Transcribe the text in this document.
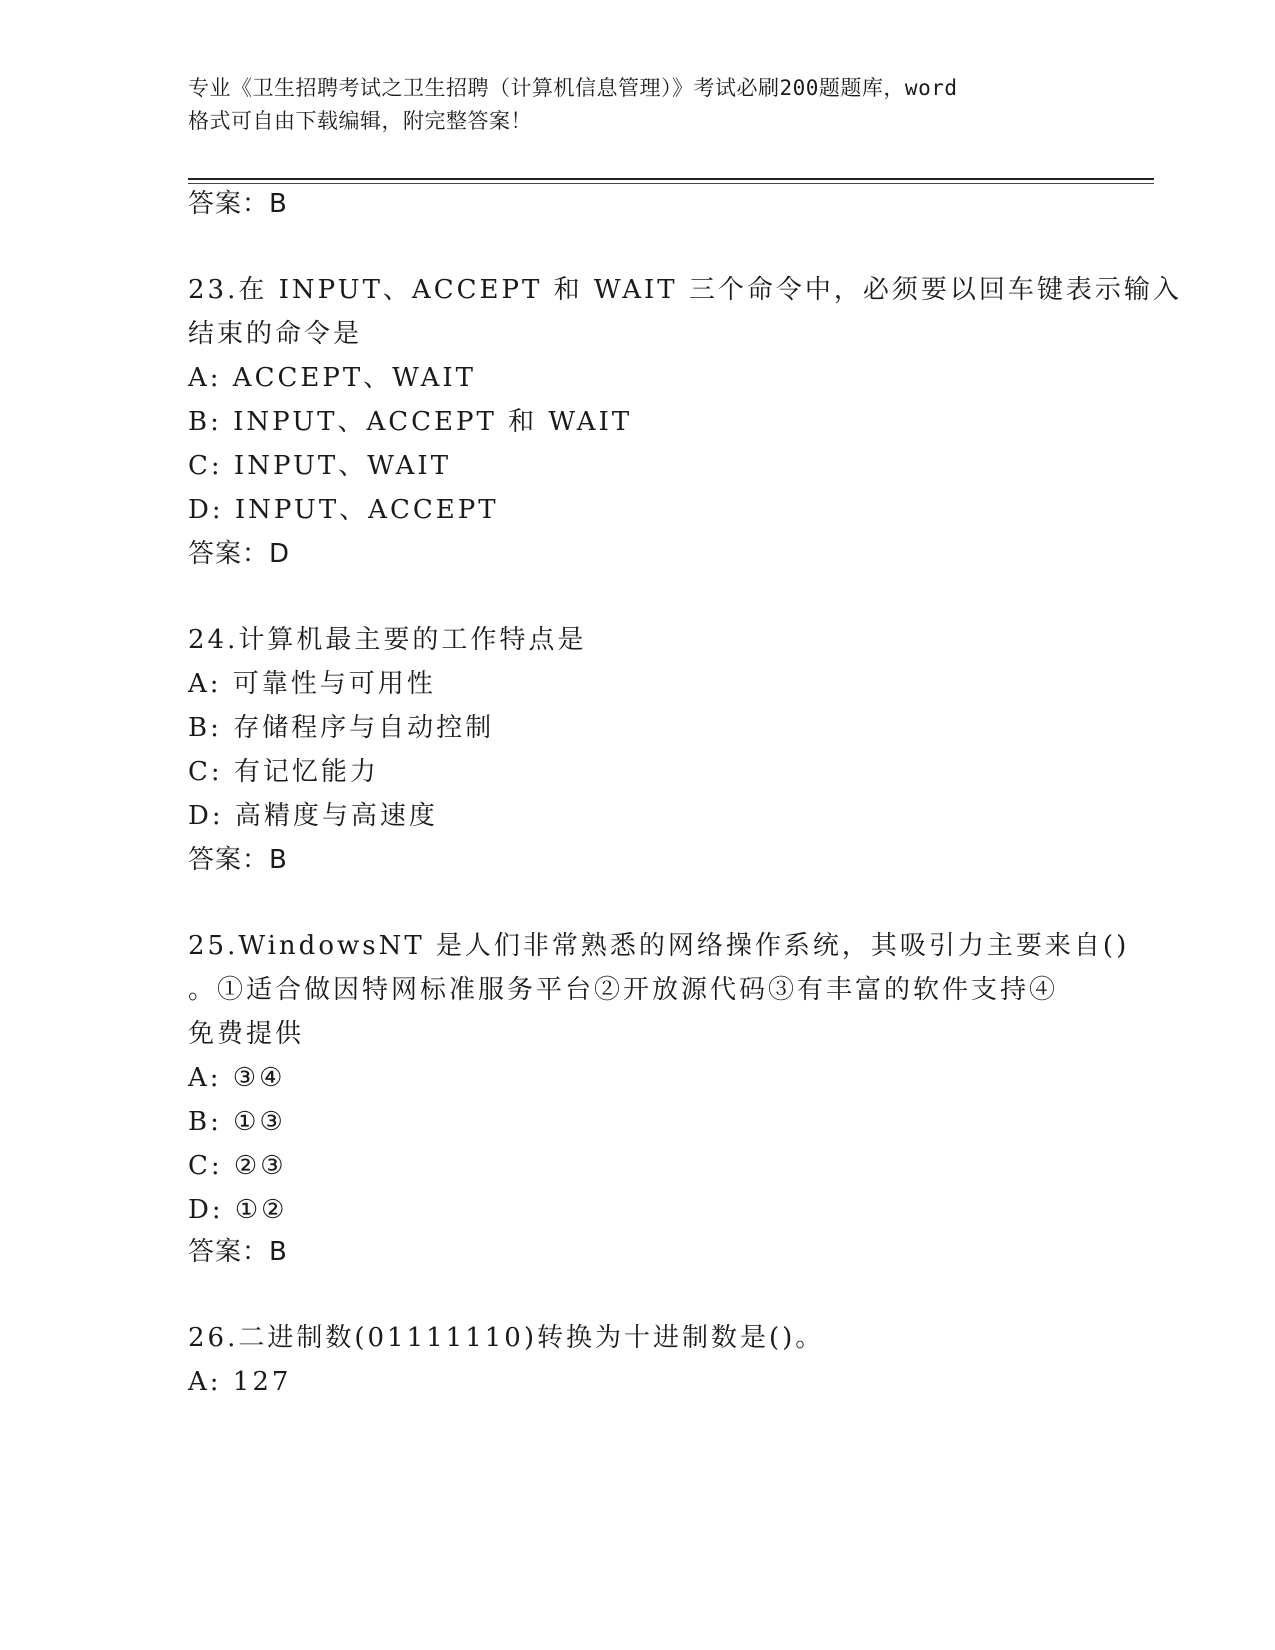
专业《卫生招聘考试之卫生招聘（计算机信息管理）》考试必刷200题题库，word
格式可自由下载编辑，附完整答案！
答案：B
23.在 INPUT、ACCEPT 和 WAIT 三个命令中，必须要以回车键表示输入
结束的命令是
A: ACCEPT、WAIT
B: INPUT、ACCEPT 和 WAIT
C: INPUT、WAIT
D: INPUT、ACCEPT
答案：D
24.计算机最主要的工作特点是
A: 可靠性与可用性
B: 存储程序与自动控制
C: 有记忆能力
D: 高精度与高速度
答案：B
25.WindowsNT 是人们非常熟悉的网络操作系统，其吸引力主要来自()
。①适合做因特网标准服务平台②开放源代码③有丰富的软件支持④
免费提供
A: ③④
B: ①③
C: ②③
D: ①②
答案：B
26.二进制数(01111110)转换为十进制数是()。
A: 127
